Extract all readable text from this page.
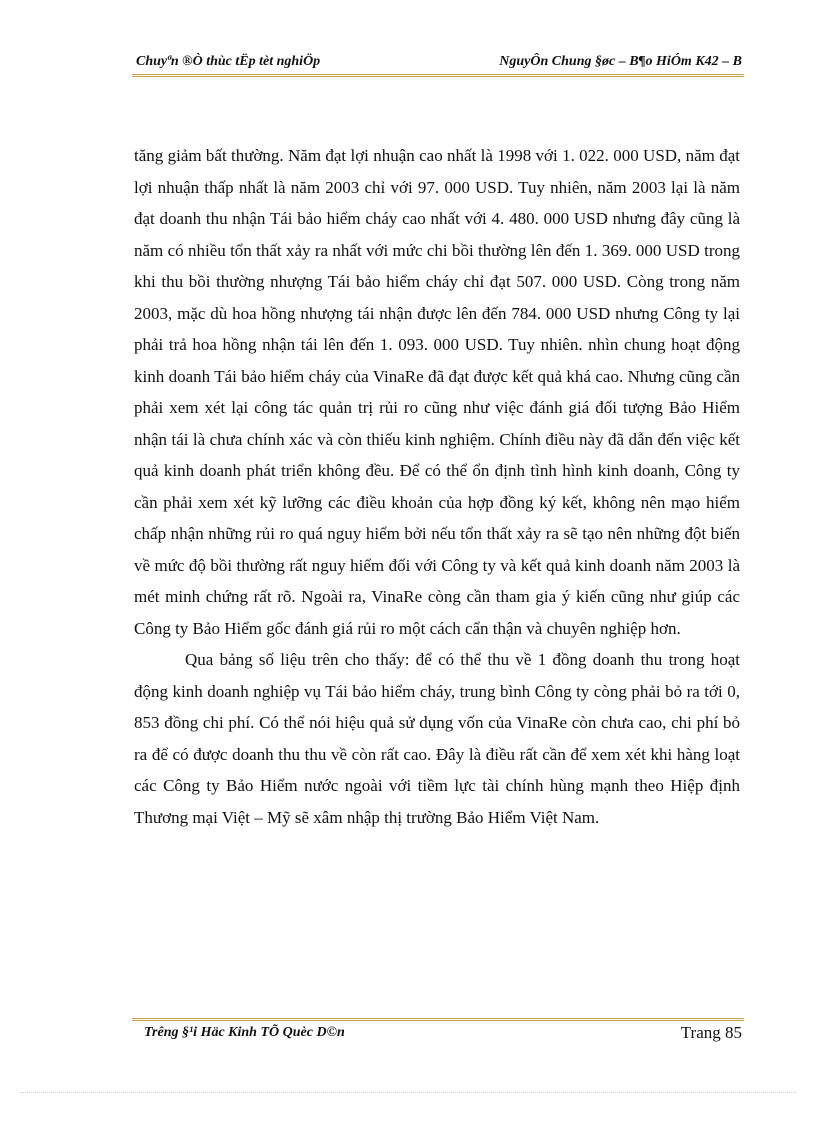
Chuyªn ®Ò thùc tËp tèt nghiÖp	NguyÔn Chung §øc – B¶o HiÓm K42 – B

tăng giảm bất thường. Năm đạt lợi nhuận cao nhất là 1998 với 1. 022. 000 USD, năm đạt lợi nhuận thấp nhất là năm 2003 chỉ với 97. 000 USD. Tuy nhiên, năm 2003 lại là năm đạt doanh thu nhận Tái bảo hiểm cháy cao nhất với 4. 480. 000 USD nhưng đây cũng là năm có nhiều tổn thất xảy ra nhất với mức chi bồi thường lên đến 1. 369. 000 USD trong khi thu bồi thường nhượng Tái bảo hiểm cháy chỉ đạt 507. 000 USD. Còng trong năm 2003, mặc dù hoa hồng nhượng tái nhận được lên đến 784. 000 USD nhưng Công ty lại phải trả hoa hồng nhận tái lên đến 1. 093. 000 USD. Tuy nhiên. nhìn chung hoạt động kinh doanh Tái bảo hiểm cháy của VinaRe đã đạt được kết quả khá cao. Nhưng cũng cần phải xem xét lại công tác quản trị rủi ro cũng như việc đánh giá đối tượng Bảo Hiểm nhận tái là chưa chính xác và còn thiếu kinh nghiệm. Chính điều này đã dẫn đến việc kết quả kinh doanh phát triển không đều. Để có thể ổn định tình hình kinh doanh, Công ty cần phải xem xét kỹ lưỡng các điều khoản của hợp đồng ký kết, không nên mạo hiểm chấp nhận những rủi ro quá nguy hiểm bởi nếu tổn thất xảy ra sẽ tạo nên những đột biến về mức độ bồi thường rất nguy hiểm đối với Công ty và kết quả kinh doanh năm 2003 là mét minh chứng rất rõ. Ngoài ra, VinaRe còng cần tham gia ý kiến cũng như giúp các Công ty Bảo Hiểm gốc đánh giá rủi ro một cách cẩn thận và chuyên nghiệp hơn.

Qua bảng số liệu trên cho thấy: để có thể thu về 1 đồng doanh thu trong hoạt động kinh doanh nghiệp vụ Tái bảo hiểm cháy, trung bình Công ty còng phải bỏ ra tới 0, 853 đồng chi phí. Có thể nói hiệu quả sử dụng vốn của VinaRe còn chưa cao, chi phí bỏ ra để có được doanh thu thu về còn rất cao. Đây là điều rất cần để xem xét khi hàng loạt các Công ty Bảo Hiểm nước ngoài với tiềm lực tài chính hùng mạnh theo Hiệp định Thương mại Việt – Mỹ sẽ xâm nhập thị trường Bảo Hiểm Việt Nam.

Trêng §¹i Häc Kinh TÕ Quèc D©n	Trang 85
